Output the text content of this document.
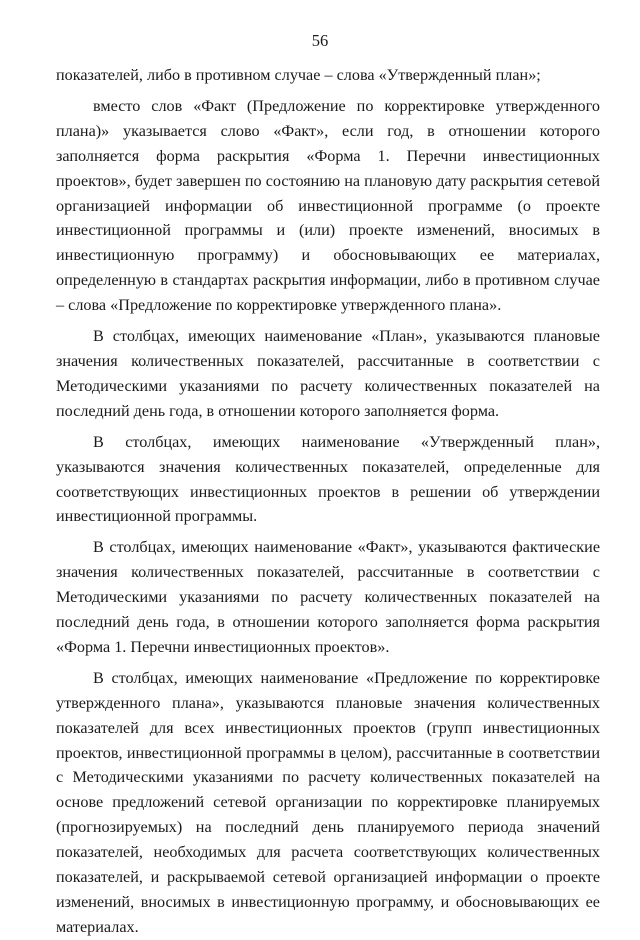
56

показателей, либо в противном случае – слова «Утвержденный план»;

вместо слов «Факт (Предложение по корректировке утвержденного плана)» указывается слово «Факт», если год, в отношении которого заполняется форма раскрытия «Форма 1. Перечни инвестиционных проектов», будет завершен по состоянию на плановую дату раскрытия сетевой организацией информации об инвестиционной программе (о проекте инвестиционной программы и (или) проекте изменений, вносимых в инвестиционную программу) и обосновывающих ее материалах, определенную в стандартах раскрытия информации, либо в противном случае – слова «Предложение по корректировке утвержденного плана».

В столбцах, имеющих наименование «План», указываются плановые значения количественных показателей, рассчитанные в соответствии с Методическими указаниями по расчету количественных показателей на последний день года, в отношении которого заполняется форма.

В столбцах, имеющих наименование «Утвержденный план», указываются значения количественных показателей, определенные для соответствующих инвестиционных проектов в решении об утверждении инвестиционной программы.

В столбцах, имеющих наименование «Факт», указываются фактические значения количественных показателей, рассчитанные в соответствии с Методическими указаниями по расчету количественных показателей на последний день года, в отношении которого заполняется форма раскрытия «Форма 1. Перечни инвестиционных проектов».

В столбцах, имеющих наименование «Предложение по корректировке утвержденного плана», указываются плановые значения количественных показателей для всех инвестиционных проектов (групп инвестиционных проектов, инвестиционной программы в целом), рассчитанные в соответствии с Методическими указаниями по расчету количественных показателей на основе предложений сетевой организации по корректировке планируемых (прогнозируемых) на последний день планируемого периода значений показателей, необходимых для расчета соответствующих количественных показателей, и раскрываемой сетевой организацией информации о проекте изменений, вносимых в инвестиционную программу, и обосновывающих ее материалах.
